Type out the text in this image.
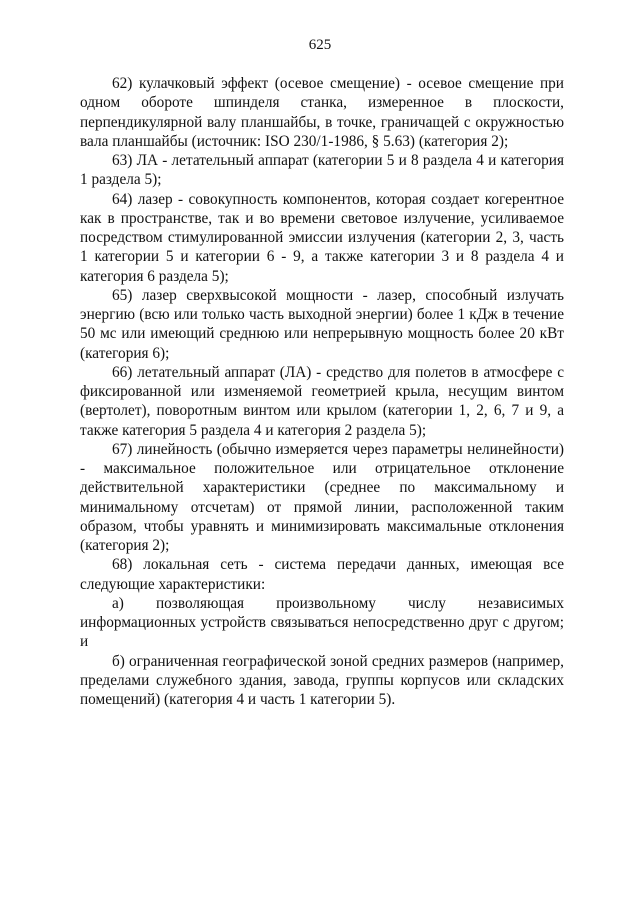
625

62) кулачковый эффект (осевое смещение) - осевое смещение при одном обороте шпинделя станка, измеренное в плоскости, перпендикулярной валу планшайбы, в точке, граничащей с окружностью вала планшайбы (источник: ISO 230/1-1986, § 5.63) (категория 2);

63) ЛА - летательный аппарат (категории 5 и 8 раздела 4 и категория 1 раздела 5);

64) лазер - совокупность компонентов, которая создает когерентное как в пространстве, так и во времени световое излучение, усиливаемое посредством стимулированной эмиссии излучения (категории 2, 3, часть 1 категории 5 и категории 6 - 9, а также категории 3 и 8 раздела 4 и категория 6 раздела 5);

65) лазер сверхвысокой мощности - лазер, способный излучать энергию (всю или только часть выходной энергии) более 1 кДж в течение 50 мс или имеющий среднюю или непрерывную мощность более 20 кВт (категория 6);

66) летательный аппарат (ЛА) - средство для полетов в атмосфере с фиксированной или изменяемой геометрией крыла, несущим винтом (вертолет), поворотным винтом или крылом (категории 1, 2, 6, 7 и 9, а также категория 5 раздела 4 и категория 2 раздела 5);

67) линейность (обычно измеряется через параметры нелинейности) - максимальное положительное или отрицательное отклонение действительной характеристики (среднее по максимальному и минимальному отсчетам) от прямой линии, расположенной таким образом, чтобы уравнять и минимизировать максимальные отклонения (категория 2);

68) локальная сеть - система передачи данных, имеющая все следующие характеристики:

а) позволяющая произвольному числу независимых информационных устройств связываться непосредственно друг с другом; и

б) ограниченная географической зоной средних размеров (например, пределами служебного здания, завода, группы корпусов или складских помещений) (категория 4 и часть 1 категории 5).
